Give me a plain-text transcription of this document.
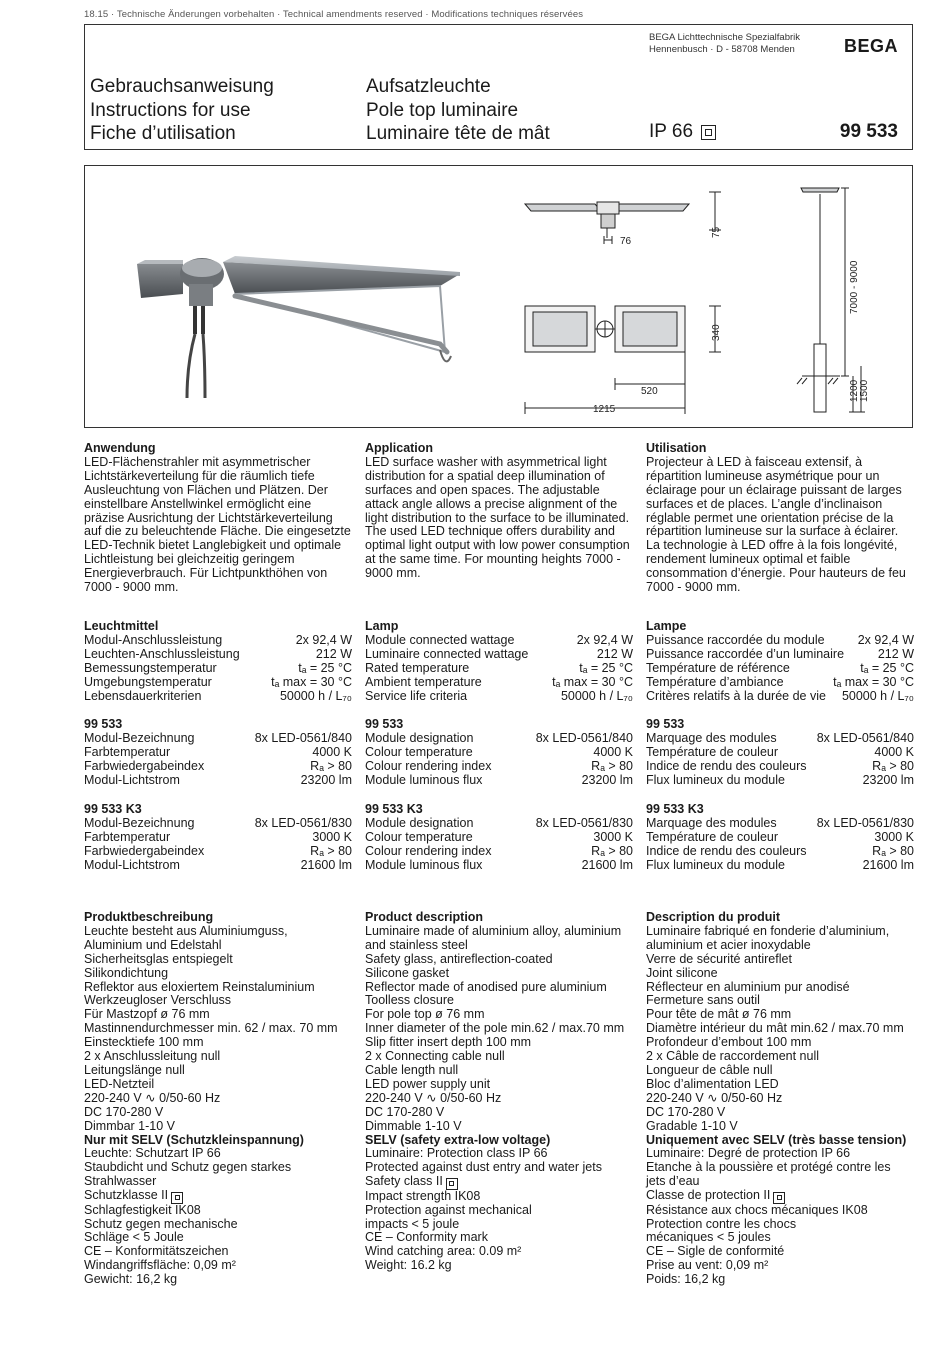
18.15 · Technische Änderungen vorbehalten · Technical amendments reserved · Modifications techniques réservées
BEGA Lichttechnische Spezialfabrik
Hennenbusch · D - 58708 Menden	BEGA
Gebrauchsanweisung
Instructions for use
Fiche d’utilisation
Aufsatzleuchte
Pole top luminaire
Luminaire tête de mât	IP 66	99 533
76
75
340
520
1215
7000 - 9000
1200 1500
Anwendung
LED-Flächenstrahler mit asymmetrischer Lichtstärkeverteilung für die räumlich tiefe Ausleuchtung von Flächen und Plätzen. Der einstellbare Anstellwinkel ermöglicht eine präzise Ausrichtung der Lichtstärkeverteilung auf die zu beleuchtende Fläche. Die eingesetzte LED-Technik bietet Langlebigkeit und optimale Lichtleistung bei gleichzeitig geringem Energieverbrauch. Für Lichtpunkthöhen von 7000 - 9000 mm.
Application
LED surface washer with asymmetrical light distribution for a spatial deep illumination of surfaces and open spaces. The adjustable attack angle allows a precise alignment of the light distribution to the surface to be illuminated. The used LED technique offers durability and optimal light output with low power consumption at the same time. For mounting heights 7000 - 9000 mm.
Utilisation
Projecteur à LED à faisceau extensif, à répartition lumineuse asymétrique pour un éclairage pour un éclairage puissant de larges surfaces et de places. L’angle d’inclinaison réglable permet une orientation précise de la répartition lumineuse sur la surface à éclairer. La technologie à LED offre à la fois longévité, rendement lumineux optimal et faible consommation d’énergie. Pour hauteurs de feu 7000 - 9000 mm.
Leuchtmittel
Modul-Anschlussleistung	2x 92,4 W
Leuchten-Anschlussleistung	212 W
Bemessungstemperatur	tₐ = 25 °C
Umgebungstemperatur	tₐ max = 30 °C
Lebensdauerkriterien	50000 h / L₇₀
Lamp
Module connected wattage	2x 92,4 W
Luminaire connected wattage	212 W
Rated temperature	tₐ = 25 °C
Ambient temperature	tₐ max = 30 °C
Service life criteria	50000 h / L₇₀
Lampe
Puissance raccordée du module	2x 92,4 W
Puissance raccordée d’un luminaire	212 W
Température de référence	tₐ = 25 °C
Température d’ambiance	tₐ max = 30 °C
Critères relatifs à la durée de vie 50000 h / L₇₀
99 533
Modul-Bezeichnung	8x LED-0561/840
Farbtemperatur	4000 K
Farbwiedergabeindex	Rₐ > 80
Modul-Lichtstrom	23200 lm
99 533
Module designation	8x LED-0561/840
Colour temperature	4000 K
Colour rendering index	Rₐ > 80
Module luminous flux	23200 lm
99 533
Marquage des modules	8x LED-0561/840
Température de couleur	4000 K
Indice de rendu des couleurs	Rₐ > 80
Flux lumineux du module	23200 lm
99 533 K3
Modul-Bezeichnung	8x LED-0561/830
Farbtemperatur	3000 K
Farbwiedergabeindex	Rₐ > 80
Modul-Lichtstrom	21600 lm
99 533 K3
Module designation	8x LED-0561/830
Colour temperature	3000 K
Colour rendering index	Rₐ > 80
Module luminous flux	21600 lm
99 533 K3
Marquage des modules	8x LED-0561/830
Température de couleur	3000 K
Indice de rendu des couleurs	Rₐ > 80
Flux lumineux du module	21600 lm
Produktbeschreibung
Leuchte besteht aus Aluminiumguss,
Aluminium und Edelstahl
Sicherheitsglas entspiegelt
Silikondichtung
Reflektor aus eloxiertem Reinstaluminium
Werkzeugloser Verschluss
Für Mastzopf ø 76 mm
Mastinnendurchmesser min. 62 / max. 70 mm
Einstecktiefe 100 mm
2 x Anschlussleitung null
Leitungslänge null
LED-Netzteil
220-240 V ∿ 0/50-60 Hz
DC 170-280 V
Dimmbar 1-10 V
Nur mit SELV (Schutzkleinspannung)
Leuchte: Schutzart IP 66
Staubdicht und Schutz gegen starkes
Strahlwasser
Schutzklasse II
Schlagfestigkeit IK08
Schutz gegen mechanische
Schläge < 5 Joule
CE – Konformitätszeichen
Windangriffsfläche: 0,09 m²
Gewicht: 16,2 kg
Product description
Luminaire made of aluminium alloy, aluminium
and stainless steel
Safety glass, antireflection-coated
Silicone gasket
Reflector made of anodised pure aluminium
Toolless closure
For pole top ø 76 mm
Inner diameter of the pole min.62 / max.70 mm
Slip fitter insert depth 100 mm
2 x Connecting cable null
Cable length null
LED power supply unit
220-240 V ∿ 0/50-60 Hz
DC 170-280 V
Dimmable 1-10 V
SELV (safety extra-low voltage)
Luminaire: Protection class IP 66
Protected against dust entry and water jets
Safety class II
Impact strength IK08
Protection against mechanical
impacts < 5 joule
CE – Conformity mark
Wind catching area: 0.09 m²
Weight: 16.2 kg
Description du produit
Luminaire fabriqué en fonderie d’aluminium,
aluminium et acier inoxydable
Verre de sécurité antireflet
Joint silicone
Réflecteur en aluminium pur anodisé
Fermeture sans outil
Pour tête de mât ø 76 mm
Diamètre intérieur du mât min.62 / max.70 mm
Profondeur d’embout 100 mm
2 x Câble de raccordement null
Longueur de câble null
Bloc d’alimentation LED
220-240 V ∿ 0/50-60 Hz
DC 170-280 V
Gradable 1-10 V
Uniquement avec SELV (très basse tension)
Luminaire: Degré de protection IP 66
Etanche à la poussière et protégé contre les
jets d’eau
Classe de protection II
Résistance aux chocs mécaniques IK08
Protection contre les chocs
mécaniques < 5 joules
CE – Sigle de conformité
Prise au vent: 0,09 m²
Poids: 16,2 kg
